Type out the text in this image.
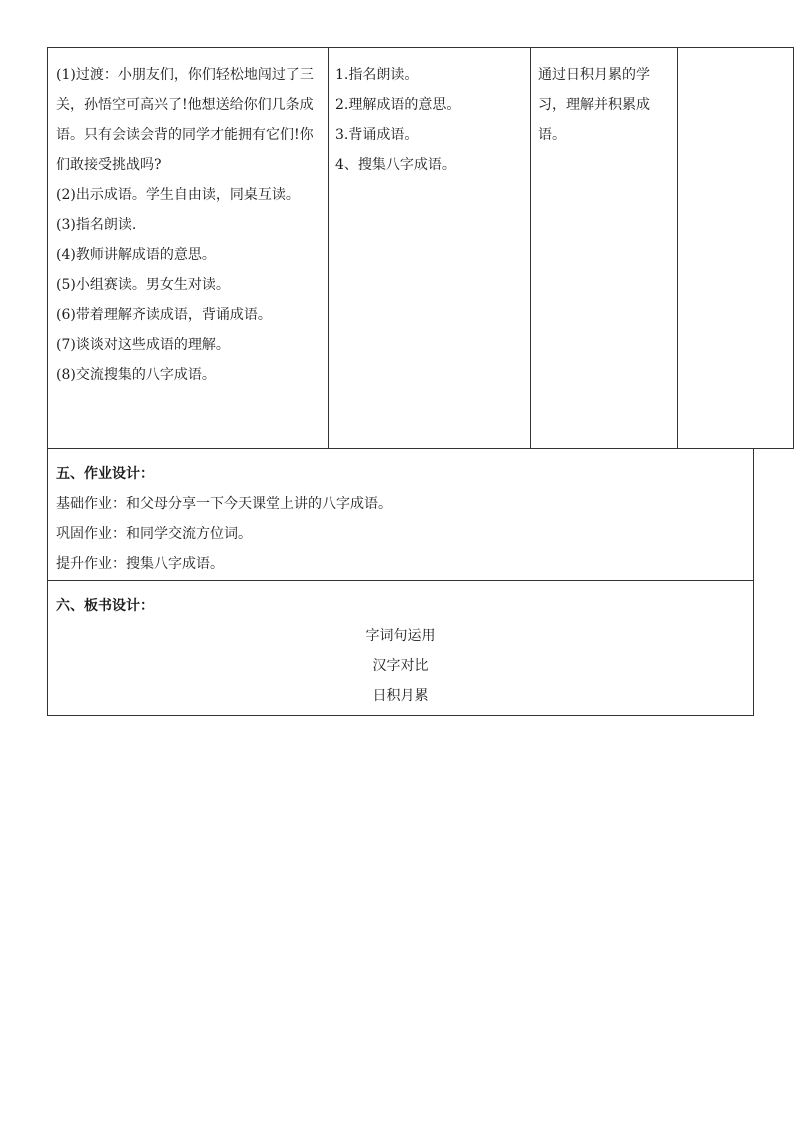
(1)过渡：小朋友们，你们轻松地闯过了三关，孙悟空可高兴了!他想送给你们几条成语。只有会读会背的同学才能拥有它们!你们敢接受挑战吗?
(2)出示成语。学生自由读，同桌互读。
(3)指名朗读.
(4)教师讲解成语的意思。
(5)小组赛读。男女生对读。
(6)带着理解齐读成语，背诵成语。
(7)谈谈对这些成语的理解。
(8)交流搜集的八字成语。

1.指名朗读。
2.理解成语的意思。
3.背诵成语。
4、搜集八字成语。

通过日积月累的学习，理解并积累成语。

五、作业设计：
基础作业：和父母分享一下今天课堂上讲的八字成语。
巩固作业：和同学交流方位词。
提升作业：搜集八字成语。
六、板书设计：
字词句运用
汉字对比
日积月累
